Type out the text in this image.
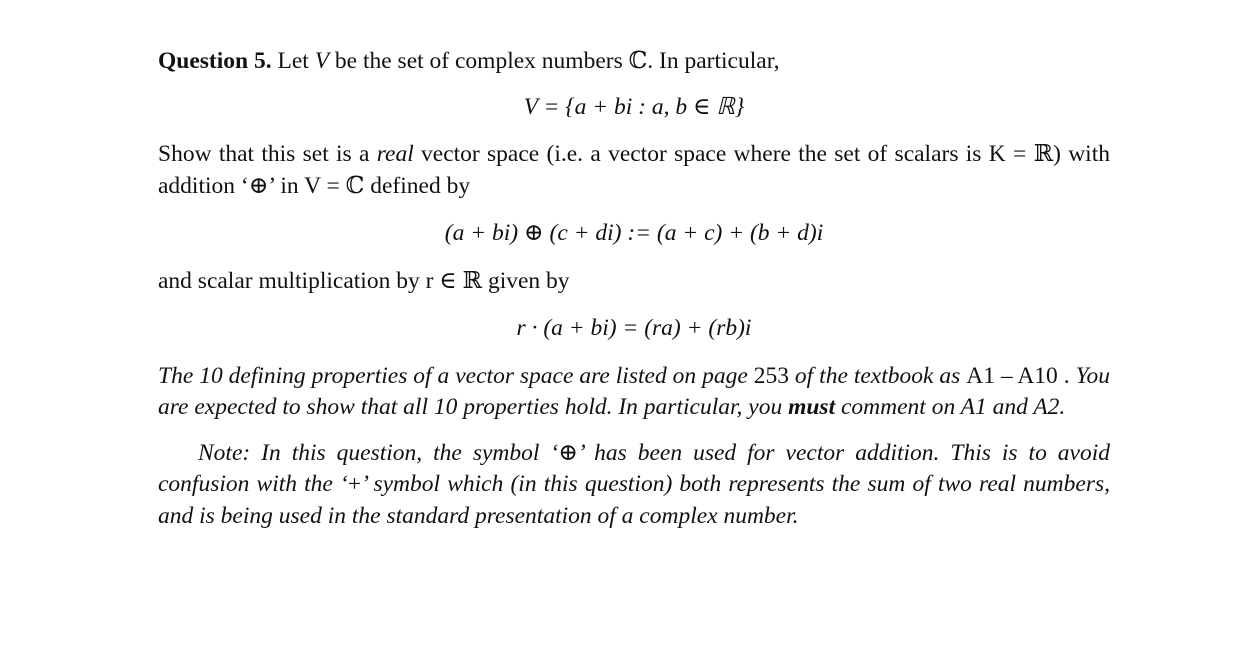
Question 5. Let V be the set of complex numbers ℂ. In particular,

V = {a + bi : a, b ∈ ℝ}

Show that this set is a real vector space (i.e. a vector space where the set of scalars is K = ℝ) with addition ‘⊕’ in V = ℂ defined by

(a + bi) ⊕ (c + di) := (a + c) + (b + d)i

and scalar multiplication by r ∈ ℝ given by

r · (a + bi) = (ra) + (rb)i

The 10 defining properties of a vector space are listed on page 253 of the textbook as A1 – A10 . You are expected to show that all 10 properties hold. In particular, you must comment on A1 and A2.

Note: In this question, the symbol ‘⊕’ has been used for vector addition. This is to avoid confusion with the ‘+’ symbol which (in this question) both represents the sum of two real numbers, and is being used in the standard presentation of a complex number.
